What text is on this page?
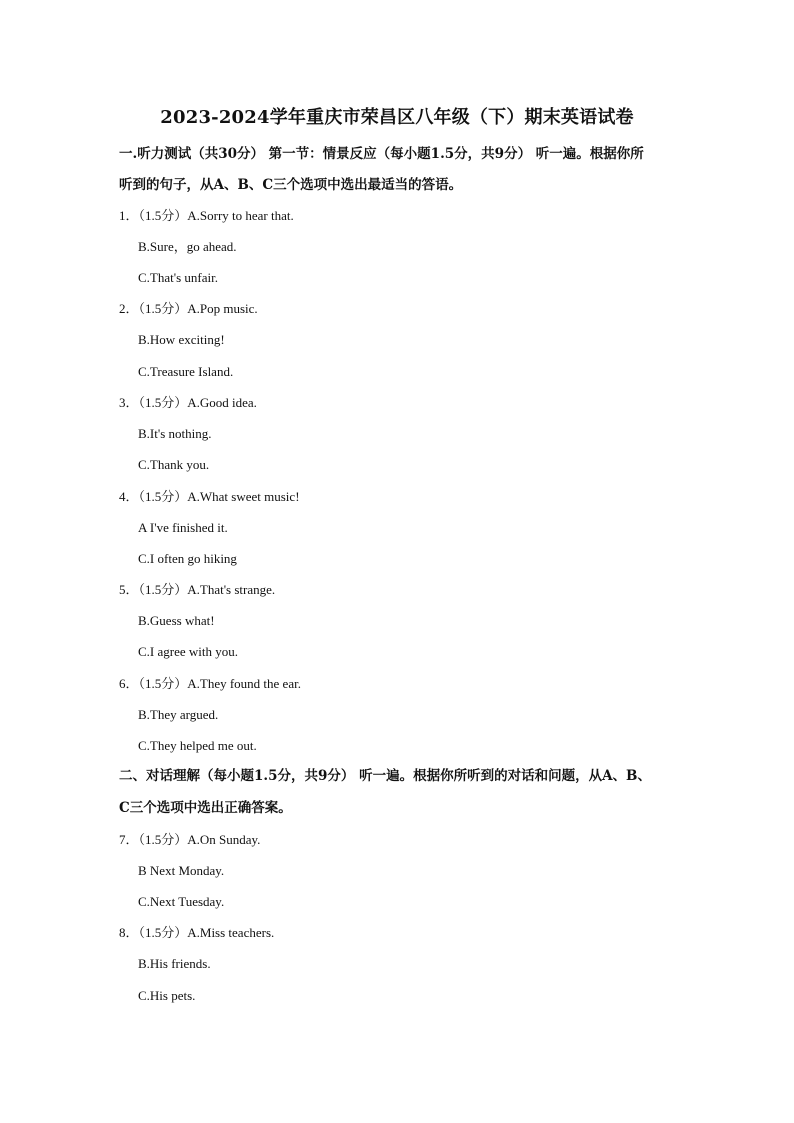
2023-2024学年重庆市荣昌区八年级（下）期末英语试卷
一.听力测试（共30分） 第一节：情景反应（每小题1.5分，共9分） 听一遍。根据你所
听到的句子，从A、B、C三个选项中选出最适当的答语。
1．（1.5分）A.Sorry to hear that.
B.Sure，go ahead.
C.That's unfair.
2．（1.5分）A.Pop music.
B.How exciting!
C.Treasure Island.
3．（1.5分）A.Good idea.
B.It's nothing.
C.Thank you.
4．（1.5分）A.What sweet music!
A I've finished it.
C.I often go hiking
5．（1.5分）A.That's strange.
B.Guess what!
C.I agree with you.
6．（1.5分）A.They found the ear.
B.They argued.
C.They helped me out.
二、对话理解（每小题1.5分，共9分） 听一遍。根据你所听到的对话和问题，从A、B、
C三个选项中选出正确答案。
7．（1.5分）A.On Sunday.
B Next Monday.
C.Next Tuesday.
8．（1.5分）A.Miss teachers.
B.His friends.
C.His pets.
